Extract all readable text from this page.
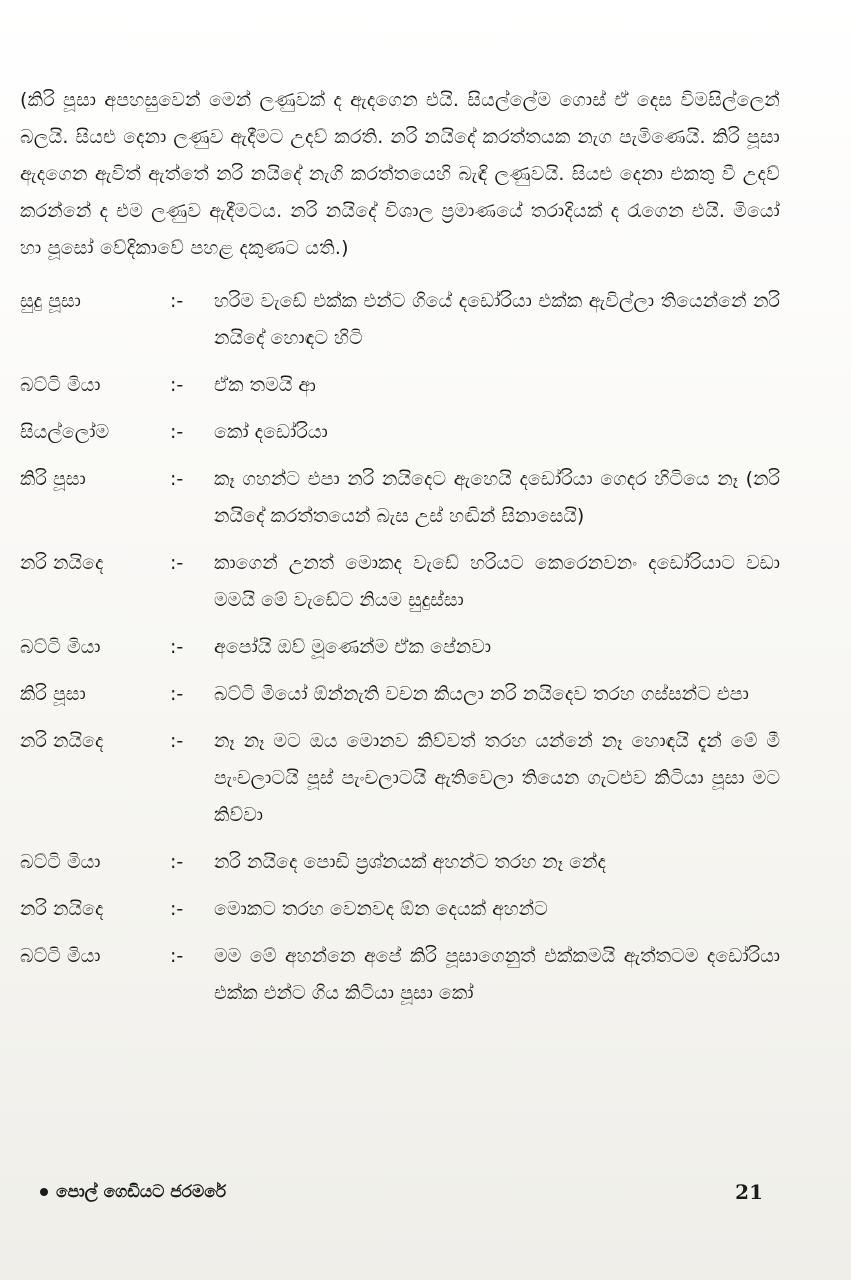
(කිරි පූසා අපහසුවෙන් මෙන් ලණුවක් ද ඇදගෙන එයි. සියල්ලේම ගොස් ඒ දෙස විමසිල්ලෙන් බලයි. සියළු දෙනා ලණුව ඇදීමට උදව් කරති. නරි නයිදේ කරත්තයක නැග පැමිණෙයි. කිරි පූසා ඇදගෙන ඇවිත් ඇත්තේ නරි නයිදේ නැගි කරත්තයෙහි බැඳි ලණුවයි. සියළු දෙනා එකතු වී උදව් කරන්නේ ද එම ලණුව ඇදීමටය. නරි නයිදේ විශාල ප්‍රමාණයේ තරාදියක් ද රැගෙන එයි. මියෝ හා පූසෝ වේදිකාවේ පහළ දකුණට යති.)

සුදු පූසා	:-	හරිම වැඩේ එක්ක එන්ට ගියේ දඩෝරියා එක්ක ඇවිල්ලා තියෙන්නේ නරි නයිදේ හොඳට හිටි
බට්ටි මියා	:-	ඒක තමයි ආ
සියල්ලෝම	:-	කෝ දඩෝරියා
කිරි පූසා	:-	කෑ ගහන්ට එපා නරි නයිදෙට ඇහෙයි දඩෝරියා ගෙදර හිටියෙ නෑ (නරි නයිදේ කරත්තයෙන් බැස උස් හඬින් සිනාසෙයි)
නරි නයිදෙ	:-	කාගෙන් උනත් මොකද වැඩේ හරියට කෙරෙනවනං දඩෝරියාට වඩා මමයි මේ වැඩේට නියම සුදුස්සා
බට්ටි මියා	:-	අපෝයි ඔව් මූණෙන්ම ඒක පේනවා
කිරි පූසා	:-	බට්ටි මියෝ ඕන්නැති වචන කියලා නරි නයිදෙව තරහ ගස්සන්ට එපා
නරි නයිදෙ	:-	නෑ නෑ මට ඔය මොනව කිව්වත් තරහ යන්නේ නෑ හොඳයි දැන් මේ මී පැංචලාටයි පූස් පැංචලාටයි ඇතිවෙලා තියෙන ගැටළුව කිටියා පූසා මට කිව්වා
බට්ටි මියා	:-	නරි නයිදෙ පොඩි ප්‍රශ්නයක් අහන්ට තරහ නෑ නේද
නරි නයිදෙ	:-	මොකට තරහ වෙනවද ඕන දෙයක් අහන්ට
බට්ටි මියා	:-	මම මේ අහන්නෙ අපේ කිරි පූසාගෙනුත් එක්කමයි ඇත්තටම දඩෝරියා එක්ක එන්ට ගිය කිටියා පූසා කෝ
පොල් ගෙඩියට ජරමරේ	21
